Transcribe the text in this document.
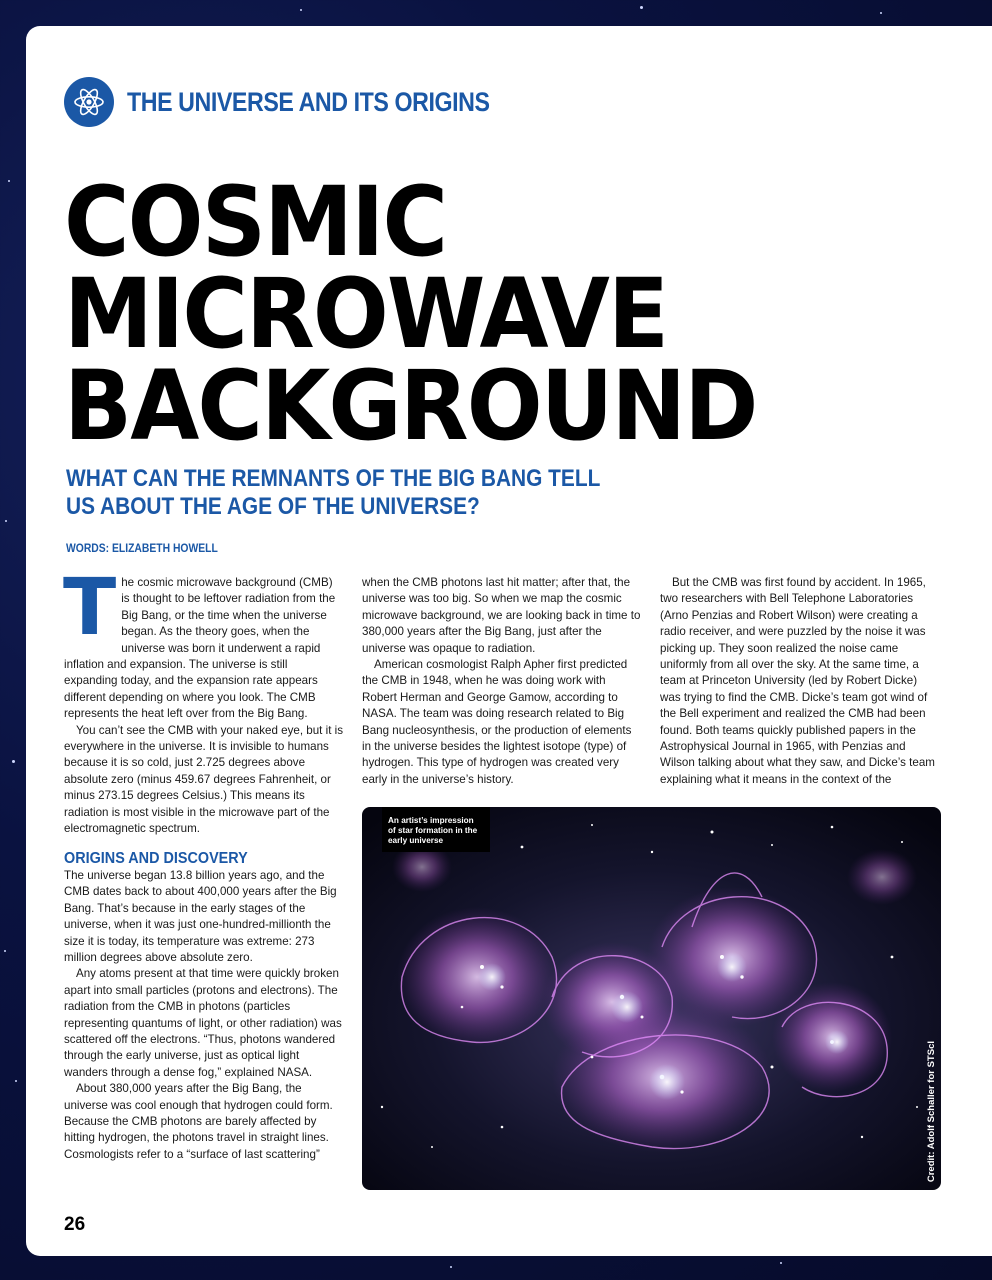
THE UNIVERSE AND ITS ORIGINS
COSMIC
MICROWAVE
BACKGROUND
WHAT CAN THE REMNANTS OF THE BIG BANG TELL US ABOUT THE AGE OF THE UNIVERSE?
WORDS: ELIZABETH HOWELL

The cosmic microwave background (CMB) is thought to be leftover radiation from the Big Bang, or the time when the universe began. As the theory goes, when the universe was born it underwent a rapid inflation and expansion. The universe is still expanding today, and the expansion rate appears different depending on where you look. The CMB represents the heat left over from the Big Bang.

You can’t see the CMB with your naked eye, but it is everywhere in the universe. It is invisible to humans because it is so cold, just 2.725 degrees above absolute zero (minus 459.67 degrees Fahrenheit, or minus 273.15 degrees Celsius.) This means its radiation is most visible in the microwave part of the electromagnetic spectrum.

ORIGINS AND DISCOVERY

The universe began 13.8 billion years ago, and the CMB dates back to about 400,000 years after the Big Bang. That’s because in the early stages of the universe, when it was just one-hundred-millionth the size it is today, its temperature was extreme: 273 million degrees above absolute zero.

Any atoms present at that time were quickly broken apart into small particles (protons and electrons). The radiation from the CMB in photons (particles representing quantums of light, or other radiation) was scattered off the electrons. “Thus, photons wandered through the early universe, just as optical light wanders through a dense fog,” explained NASA.

About 380,000 years after the Big Bang, the universe was cool enough that hydrogen could form. Because the CMB photons are barely affected by hitting hydrogen, the photons travel in straight lines. Cosmologists refer to a “surface of last scattering”

when the CMB photons last hit matter; after that, the universe was too big. So when we map the cosmic microwave background, we are looking back in time to 380,000 years after the Big Bang, just after the universe was opaque to radiation.

American cosmologist Ralph Apher first predicted the CMB in 1948, when he was doing work with Robert Herman and George Gamow, according to NASA. The team was doing research related to Big Bang nucleosynthesis, or the production of elements in the universe besides the lightest isotope (type) of hydrogen. This type of hydrogen was created very early in the universe’s history.

But the CMB was first found by accident. In 1965, two researchers with Bell Telephone Laboratories (Arno Penzias and Robert Wilson) were creating a radio receiver, and were puzzled by the noise it was picking up. They soon realized the noise came uniformly from all over the sky. At the same time, a team at Princeton University (led by Robert Dicke) was trying to find the CMB. Dicke’s team got wind of the Bell experiment and realized the CMB had been found. Both teams quickly published papers in the Astrophysical Journal in 1965, with Penzias and Wilson talking about what they saw, and Dicke’s team explaining what it means in the context of the

An artist’s impression of star formation in the early universe
Credit: Adolf Schaller for STScI
26
